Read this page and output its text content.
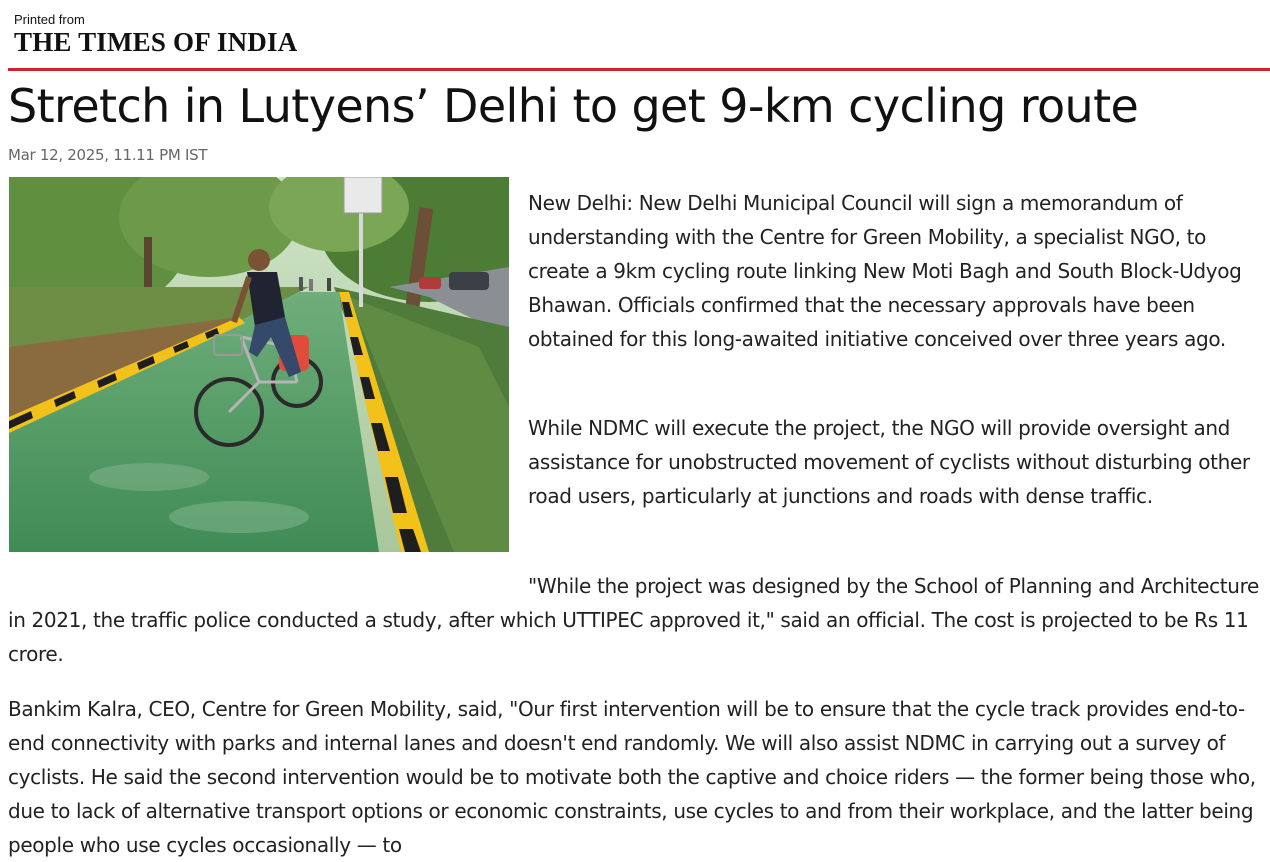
Printed from
THE TIMES OF INDIA
Stretch in Lutyens’ Delhi to get 9-km cycling route
Mar 12, 2025, 11.11 PM IST

New Delhi: New Delhi Municipal Council will sign a memorandum of understanding with the Centre for Green Mobility, a specialist NGO, to create a 9km cycling route linking New Moti Bagh and South Block-Udyog Bhawan. Officials confirmed that the necessary approvals have been obtained for this long-awaited initiative conceived over three years ago.

While NDMC will execute the project, the NGO will provide oversight and assistance for unobstructed movement of cyclists without disturbing other road users, particularly at junctions and roads with dense traffic.

"While the project was designed by the School of Planning and Architecture in 2021, the traffic police conducted a study, after which UTTIPEC approved it," said an official. The cost is projected to be Rs 11 crore.

Bankim Kalra, CEO, Centre for Green Mobility, said, "Our first intervention will be to ensure that the cycle track provides end-to-end connectivity with parks and internal lanes and doesn't end randomly. We will also assist NDMC in carrying out a survey of cyclists. He said the second intervention would be to motivate both the captive and choice riders — the former being those who, due to lack of alternative transport options or economic constraints, use cycles to and from their workplace, and the latter being people who use cycles occasionally — to
